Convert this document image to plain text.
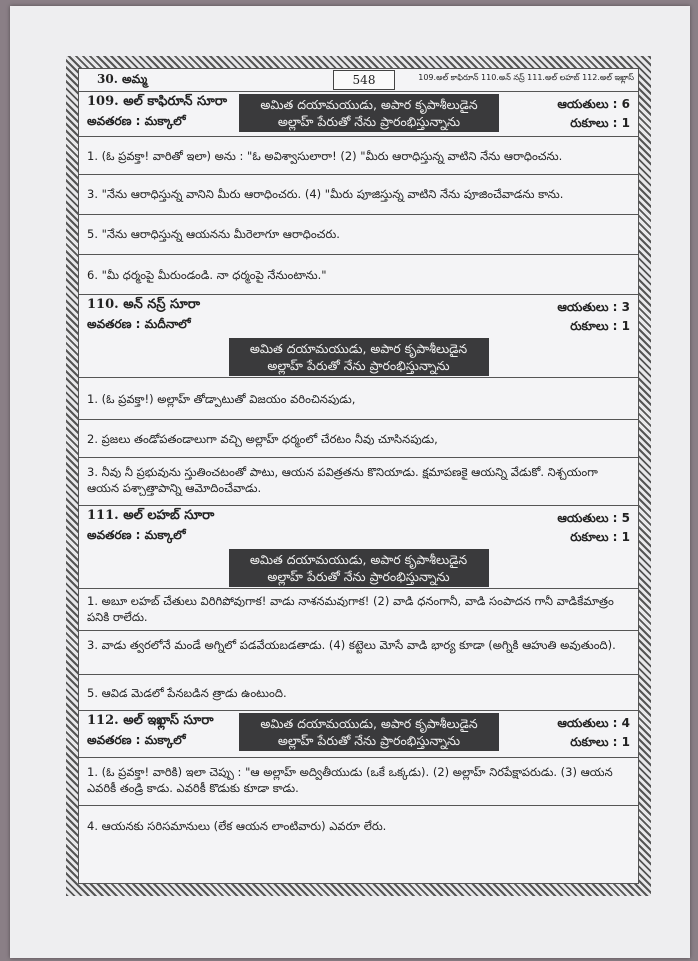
30. అమ్మ	548	109.అల్ కాఫిరూన్ 110.అన్ నస్ర్ 111.అల్ లహబ్ 112.అల్ ఇఖ్లాస్
109. అల్ కాఫిరూన్ సూరా
అవతరణ : మక్కాలో
అమిత దయామయుడు, అపార కృపాశీలుడైన అల్లాహ్ పేరుతో నేను ప్రారంభిస్తున్నాను
ఆయతులు : 6
రుకూలు : 1
1. (ఓ ప్రవక్తా! వారితో ఇలా) అను : "ఓ అవిశ్వాసులారా! (2) "మీరు ఆరాధిస్తున్న వాటిని నేను ఆరాధించను.
3. "నేను ఆరాధిస్తున్న వానిని మీరు ఆరాధించరు. (4) "మీరు పూజిస్తున్న వాటిని నేను పూజించేవాడను కాను.
5. "నేను ఆరాధిస్తున్న ఆయనను మీరెలాగూ ఆరాధించరు.
6. "మీ ధర్మంపై మీరుండండి. నా ధర్మంపై నేనుంటాను."
110. అన్ నస్ర్ సూరా
అవతరణ : మదీనాలో
ఆయతులు : 3
రుకూలు : 1
అమిత దయామయుడు, అపార కృపాశీలుడైన అల్లాహ్ పేరుతో నేను ప్రారంభిస్తున్నాను
1. (ఓ ప్రవక్తా!) అల్లాహ్ తోడ్పాటుతో విజయం వరించినపుడు,
2. ప్రజలు తండోపతండాలుగా వచ్చి అల్లాహ్ ధర్మంలో చేరటం నీవు చూసినపుడు,
3. నీవు నీ ప్రభువును స్తుతించటంతో పాటు, ఆయన పవిత్రతను కొనియాడు. క్షమాపణకై ఆయన్ని వేడుకో. నిశ్చయంగా ఆయన పశ్చాత్తాపాన్ని ఆమోదించేవాడు.
111. అల్ లహబ్ సూరా
అవతరణ : మక్కాలో
ఆయతులు : 5
రుకూలు : 1
అమిత దయామయుడు, అపార కృపాశీలుడైన అల్లాహ్ పేరుతో నేను ప్రారంభిస్తున్నాను
1. అబూ లహబ్ చేతులు విరిగిపోవుగాక! వాడు నాశనమవుగాక! (2) వాడి ధనంగానీ, వాడి సంపాదన గానీ వాడికేమాత్రం పనికి రాలేదు.
3. వాడు త్వరలోనే మండే అగ్నిలో పడవేయబడతాడు. (4) కట్టెలు మోసే వాడి భార్య కూడా (అగ్నికి ఆహుతి అవుతుంది).
5. ఆవిడ మెడలో పేనబడిన త్రాడు ఉంటుంది.
112. అల్ ఇఖ్లాస్ సూరా
అవతరణ : మక్కాలో
అమిత దయామయుడు, అపార కృపాశీలుడైన అల్లాహ్ పేరుతో నేను ప్రారంభిస్తున్నాను
ఆయతులు : 4
రుకూలు : 1
1. (ఓ ప్రవక్తా! వారికి) ఇలా చెప్పు : "ఆ అల్లాహ్ అద్వితీయుడు (ఒకే ఒక్కడు). (2) అల్లాహ్ నిరపేక్షాపరుడు. (3) ఆయన ఎవరికీ తండ్రి కాడు. ఎవరికీ కొడుకు కూడా కాడు.
4. ఆయనకు సరిసమానులు (లేక ఆయన లాంటివారు) ఎవరూ లేరు.
